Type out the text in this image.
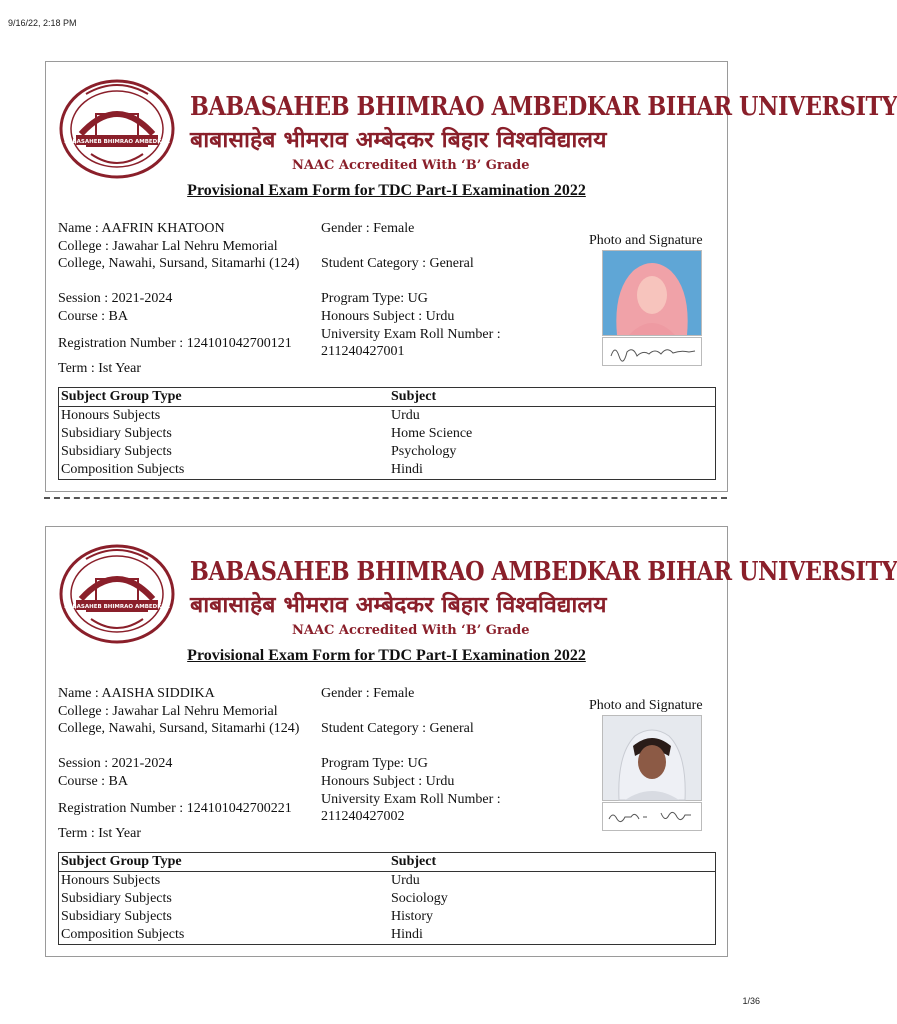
9/16/22, 2:18 PM
1/36
BABASAHEB BHIMRAO AMBEDKAR
BABASAHEB BHIMRAO AMBEDKAR BIHAR UNIVERSITY
बाबासाहेब भीमराव अम्बेदकर बिहार विश्वविद्यालय
NAAC Accredited With ‘B’ Grade
Provisional Exam Form for TDC Part-I Examination 2022
Name : AAFRIN KHATOON	Gender : Female
College : Jawahar Lal Nehru Memorial College, Nawahi, Sursand, Sitamarhi (124)	Student Category : General
Session : 2021-2024	Program Type: UG
Course : BA	Honours Subject : Urdu
Registration Number : 124101042700121
University Exam Roll Number :
211240427001
Term : Ist Year
Photo and Signature
Subject Group Type	Subject
Honours Subjects	Urdu
Subsidiary Subjects	Home Science
Subsidiary Subjects	Psychology
Composition Subjects	Hindi
BABASAHEB BHIMRAO AMBEDKAR
BABASAHEB BHIMRAO AMBEDKAR BIHAR UNIVERSITY
बाबासाहेब भीमराव अम्बेदकर बिहार विश्वविद्यालय
NAAC Accredited With ‘B’ Grade
Provisional Exam Form for TDC Part-I Examination 2022
Name : AAISHA SIDDIKA	Gender : Female
College : Jawahar Lal Nehru Memorial College, Nawahi, Sursand, Sitamarhi (124)	Student Category : General
Session : 2021-2024	Program Type: UG
Course : BA	Honours Subject : Urdu
Registration Number : 124101042700221
University Exam Roll Number :
211240427002
Term : Ist Year
Photo and Signature
Subject Group Type	Subject
Honours Subjects	Urdu
Subsidiary Subjects	Sociology
Subsidiary Subjects	History
Composition Subjects	Hindi
